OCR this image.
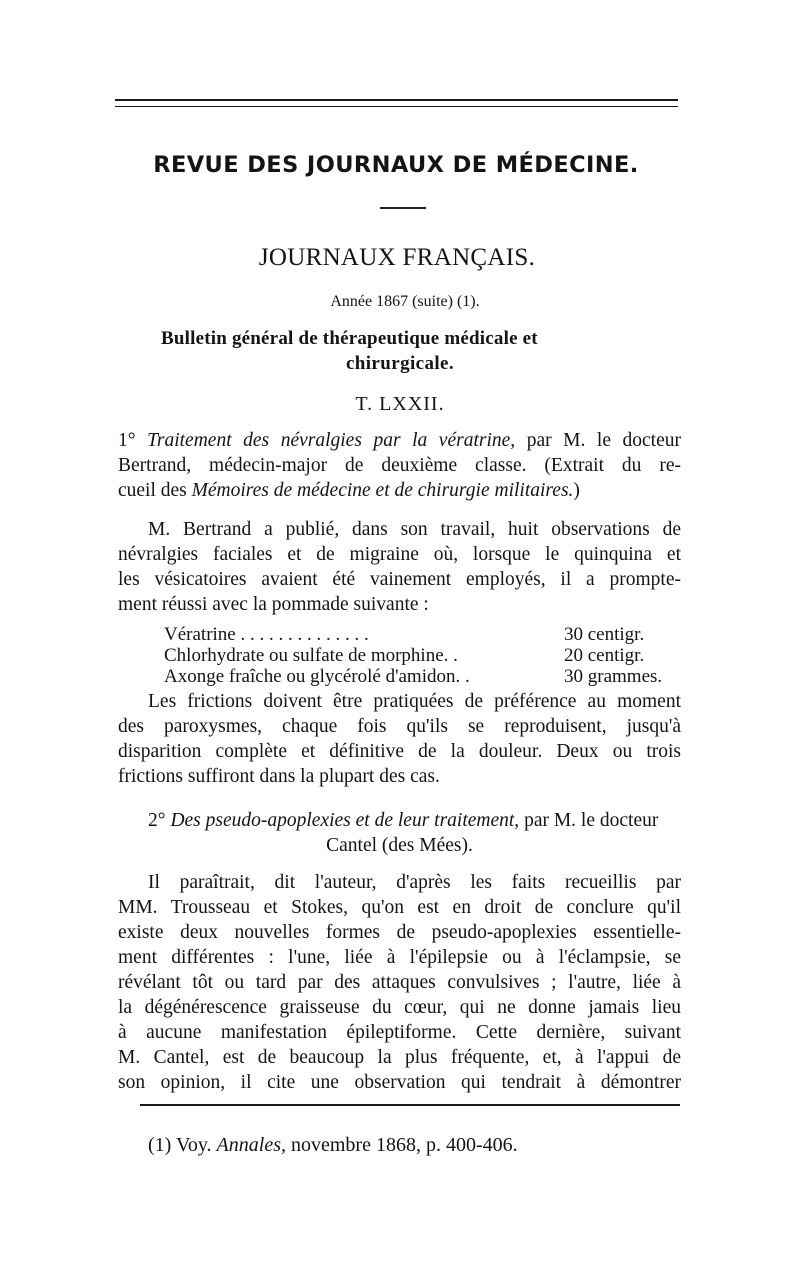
REVUE DES JOURNAUX DE MÉDECINE.
JOURNAUX FRANÇAIS.
Année 1867 (suite) (1).
Bulletin général de thérapeutique médicale et
chirurgicale.
T. LXXII.
1° Traitement des névralgies par la vératrine, par M. le docteur
Bertrand, médecin-major de deuxième classe. (Extrait du re-
cueil des Mémoires de médecine et de chirurgie militaires.)
M. Bertrand a publié, dans son travail, huit observations de
névralgies faciales et de migraine où, lorsque le quinquina et
les vésicatoires avaient été vainement employés, il a prompte-
ment réussi avec la pommade suivante :
Vératrine . . . . . . . . . . . . . .	30 centigr.
Chlorhydrate ou sulfate de morphine. .	20 centigr.
Axonge fraîche ou glycérolé d'amidon. .	30 grammes.
Les frictions doivent être pratiquées de préférence au moment
des paroxysmes, chaque fois qu'ils se reproduisent, jusqu'à
disparition complète et définitive de la douleur. Deux ou trois
frictions suffiront dans la plupart des cas.
2° Des pseudo-apoplexies et de leur traitement, par M. le docteur
Cantel (des Mées).
Il paraîtrait, dit l'auteur, d'après les faits recueillis par
MM. Trousseau et Stokes, qu'on est en droit de conclure qu'il
existe deux nouvelles formes de pseudo-apoplexies essentielle-
ment différentes : l'une, liée à l'épilepsie ou à l'éclampsie, se
révélant tôt ou tard par des attaques convulsives ; l'autre, liée à
la dégénérescence graisseuse du cœur, qui ne donne jamais lieu
à aucune manifestation épileptiforme. Cette dernière, suivant
M. Cantel, est de beaucoup la plus fréquente, et, à l'appui de
son opinion, il cite une observation qui tendrait à démontrer
(1) Voy. Annales, novembre 1868, p. 400-406.
